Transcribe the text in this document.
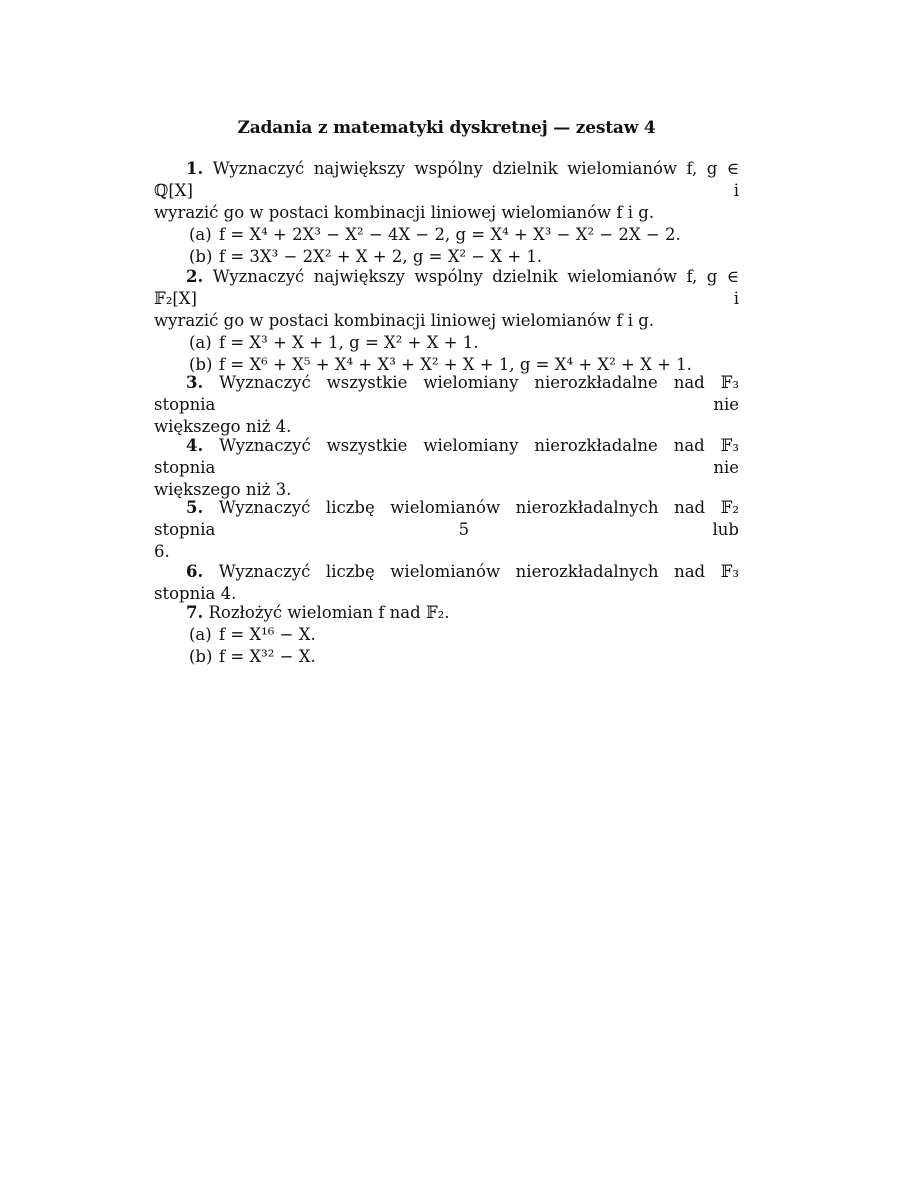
Zadania z matematyki dyskretnej — zestaw 4
1. Wyznaczyć największy wspólny dzielnik wielomianów f, g ∈ ℚ[X] i
wyrazić go w postaci kombinacji liniowej wielomianów f i g.
(a) f = X⁴ + 2X³ − X² − 4X − 2, g = X⁴ + X³ − X² − 2X − 2.
(b) f = 3X³ − 2X² + X + 2, g = X² − X + 1.
2. Wyznaczyć największy wspólny dzielnik wielomianów f, g ∈ 𝔽₂[X] i
wyrazić go w postaci kombinacji liniowej wielomianów f i g.
(a) f = X³ + X + 1, g = X² + X + 1.
(b) f = X⁶ + X⁵ + X⁴ + X³ + X² + X + 1, g = X⁴ + X² + X + 1.
3. Wyznaczyć wszystkie wielomiany nierozkładalne nad 𝔽₃ stopnia nie
większego niż 4.
4. Wyznaczyć wszystkie wielomiany nierozkładalne nad 𝔽₃ stopnia nie
większego niż 3.
5. Wyznaczyć liczbę wielomianów nierozkładalnych nad 𝔽₂ stopnia 5 lub
6.
6. Wyznaczyć liczbę wielomianów nierozkładalnych nad 𝔽₃ stopnia 4.
7. Rozłożyć wielomian f nad 𝔽₂.
(a) f = X¹⁶ − X.
(b) f = X³² − X.
